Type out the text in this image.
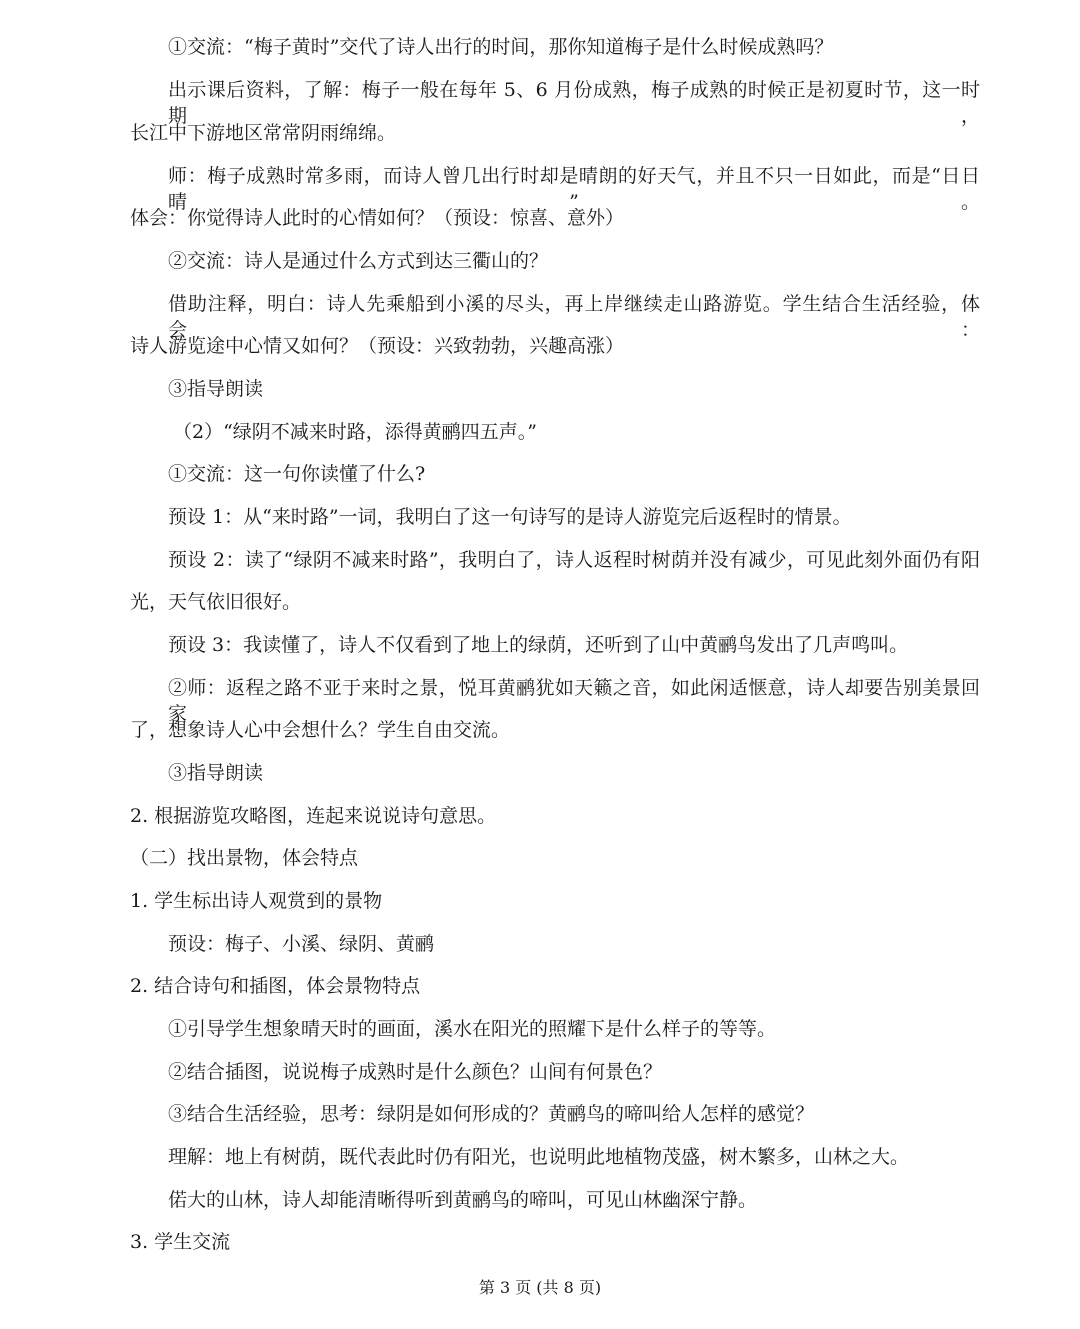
①交流：“梅子黄时”交代了诗人出行的时间，那你知道梅子是什么时候成熟吗？
出示课后资料，了解：梅子一般在每年 5、6 月份成熟，梅子成熟的时候正是初夏时节，这一时期，
长江中下游地区常常阴雨绵绵。
师：梅子成熟时常多雨，而诗人曾几出行时却是晴朗的好天气，并且不只一日如此，而是“日日晴”。
体会：你觉得诗人此时的心情如何？（预设：惊喜、意外）
②交流：诗人是通过什么方式到达三衢山的？
借助注释，明白：诗人先乘船到小溪的尽头，再上岸继续走山路游览。学生结合生活经验，体会：
诗人游览途中心情又如何？（预设：兴致勃勃，兴趣高涨）
③指导朗读
（2）“绿阴不减来时路，添得黄鹂四五声。”
①交流：这一句你读懂了什么?
预设 1：从“来时路”一词，我明白了这一句诗写的是诗人游览完后返程时的情景。
预设 2：读了“绿阴不减来时路”，我明白了，诗人返程时树荫并没有减少，可见此刻外面仍有阳
光，天气依旧很好。
预设 3：我读懂了，诗人不仅看到了地上的绿荫，还听到了山中黄鹂鸟发出了几声鸣叫。
②师：返程之路不亚于来时之景，悦耳黄鹂犹如天籁之音，如此闲适惬意，诗人却要告别美景回家
了，想象诗人心中会想什么？学生自由交流。
③指导朗读
2. 根据游览攻略图，连起来说说诗句意思。
（二）找出景物，体会特点
1. 学生标出诗人观赏到的景物
预设：梅子、小溪、绿阴、黄鹂
2. 结合诗句和插图，体会景物特点
①引导学生想象晴天时的画面，溪水在阳光的照耀下是什么样子的等等。
②结合插图，说说梅子成熟时是什么颜色？山间有何景色？
③结合生活经验，思考：绿阴是如何形成的？黄鹂鸟的啼叫给人怎样的感觉？
理解：地上有树荫，既代表此时仍有阳光，也说明此地植物茂盛，树木繁多，山林之大。
偌大的山林，诗人却能清晰得听到黄鹂鸟的啼叫，可见山林幽深宁静。
3. 学生交流
第 3 页 (共 8 页)
